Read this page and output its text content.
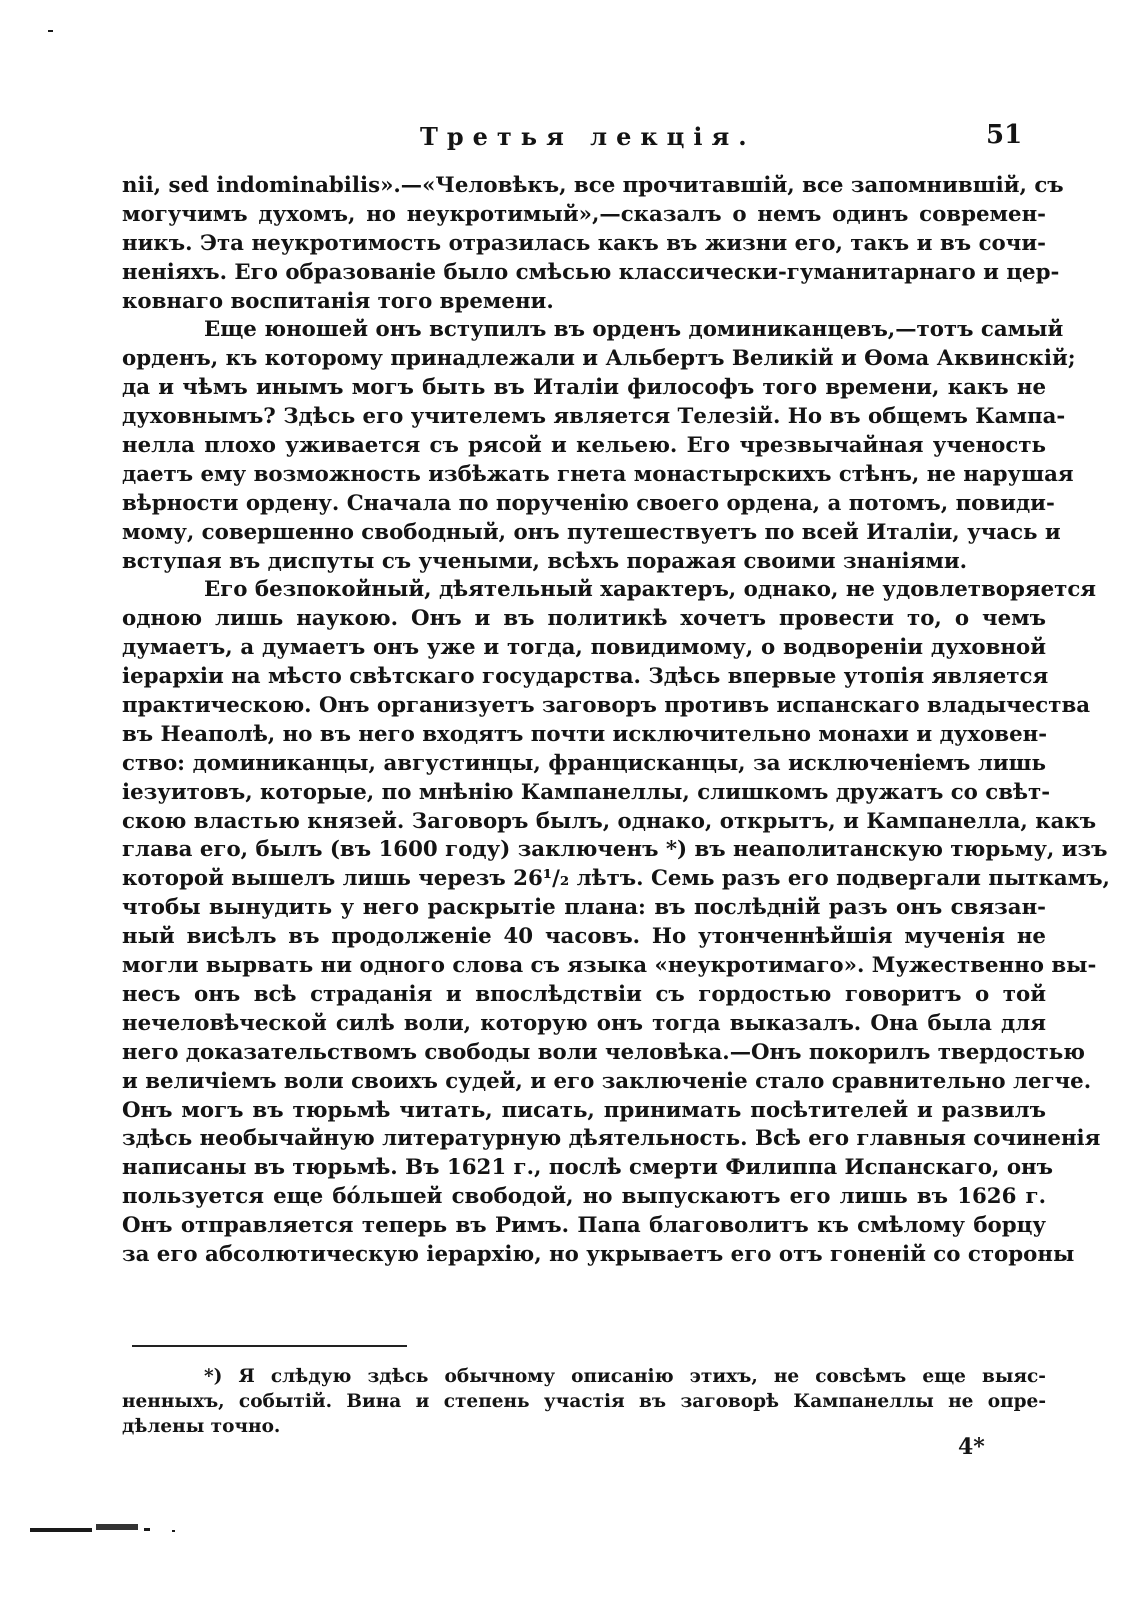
Третья лекція.	51
nii, sed indominabilis».—«Человѣкъ, все прочитавшій, все запомнившій, съ
могучимъ духомъ, но неукротимый»,—сказалъ о немъ одинъ современ-
никъ. Эта неукротимость отразилась какъ въ жизни его, такъ и въ сочи-
неніяхъ. Его образованіе было смѣсью классически-гуманитарнаго и цер-
ковнаго воспитанія того времени.
Еще юношей онъ вступилъ въ орденъ доминиканцевъ,—тотъ самый
орденъ, къ которому принадлежали и Альбертъ Великій и Ѳома Аквинскій;
да и чѣмъ инымъ могъ быть въ Италіи философъ того времени, какъ не
духовнымъ? Здѣсь его учителемъ является Телезій. Но въ общемъ Кампа-
нелла плохо уживается съ рясой и кельею. Его чрезвычайная ученость
даетъ ему возможность избѣжать гнета монастырскихъ стѣнъ, не нарушая
вѣрности ордену. Сначала по порученію своего ордена, а потомъ, повиди-
мому, совершенно свободный, онъ путешествуетъ по всей Италіи, учась и
вступая въ диспуты съ учеными, всѣхъ поражая своими знаніями.
Его безпокойный, дѣятельный характеръ, однако, не удовлетворяется
одною лишь наукою. Онъ и въ политикѣ хочетъ провести то, о чемъ
думаетъ, а думаетъ онъ уже и тогда, повидимому, о водвореніи духовной
іерархіи на мѣсто свѣтскаго государства. Здѣсь впервые утопія является
практическою. Онъ организуетъ заговоръ противъ испанскаго владычества
въ Неаполѣ, но въ него входятъ почти исключительно монахи и духовен-
ство: доминиканцы, августинцы, францисканцы, за исключеніемъ лишь
іезуитовъ, которые, по мнѣнію Кампанеллы, слишкомъ дружатъ со свѣт-
скою властью князей. Заговоръ былъ, однако, открытъ, и Кампанелла, какъ
глава его, былъ (въ 1600 году) заключенъ *) въ неаполитанскую тюрьму, изъ
которой вышелъ лишь черезъ 26¹/₂ лѣтъ. Семь разъ его подвергали пыткамъ,
чтобы вынудить у него раскрытіе плана: въ послѣдній разъ онъ связан-
ный висѣлъ въ продолженіе 40 часовъ. Но утонченнѣйшія мученія не
могли вырвать ни одного слова съ языка «неукротимаго». Мужественно вы-
несъ онъ всѣ страданія и впослѣдствіи съ гордостью говоритъ о той
нечеловѣческой силѣ воли, которую онъ тогда выказалъ. Она была для
него доказательствомъ свободы воли человѣка.—Онъ покорилъ твердостью
и величіемъ воли своихъ судей, и его заключеніе стало сравнительно легче.
Онъ могъ въ тюрьмѣ читать, писать, принимать посѣтителей и развилъ
здѣсь необычайную литературную дѣятельность. Всѣ его главныя сочиненія
написаны въ тюрьмѣ. Въ 1621 г., послѣ смерти Филиппа Испанскаго, онъ
пользуется еще бо́льшей свободой, но выпускаютъ его лишь въ 1626 г.
Онъ отправляется теперь въ Римъ. Папа благоволитъ къ смѣлому борцу
за его абсолютическую іерархію, но укрываетъ его отъ гоненій со стороны
*) Я слѣдую здѣсь обычному описанію этихъ, не совсѣмъ еще выяс-
ненныхъ, событій. Вина и степень участія въ заговорѣ Кампанеллы не опре-
дѣлены точно.
4*
